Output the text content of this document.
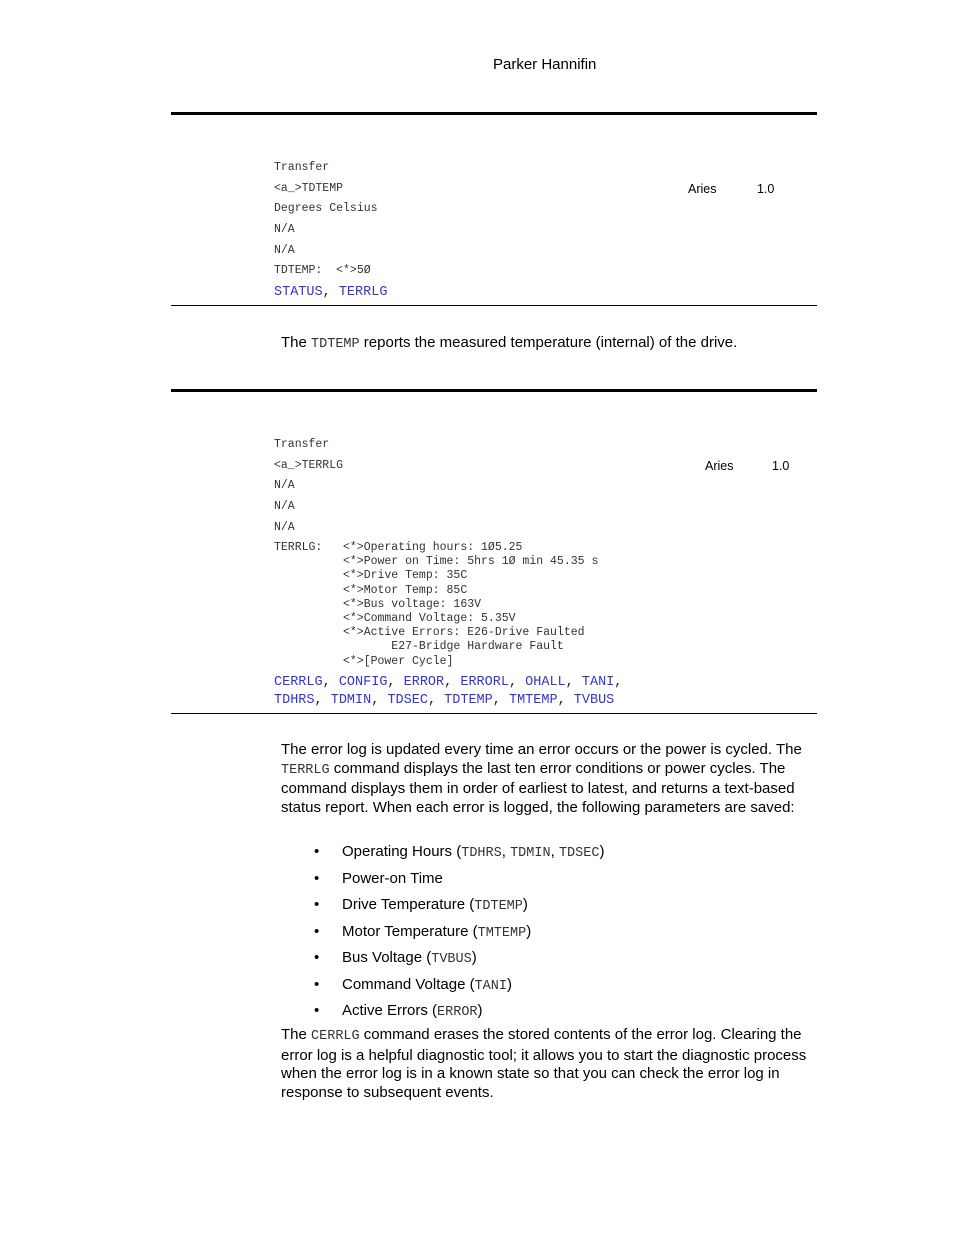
Parker Hannifin
Transfer
<a_>TDTEMP	Aries	1.0
Degrees Celsius
N/A
N/A
TDTEMP:  <*>5Ø
STATUS, TERRLG
The TDTEMP reports the measured temperature (internal) of the drive.
Transfer
<a_>TERRLG	Aries	1.0
N/A
N/A
N/A
TERRLG: <*>Operating hours: 1Ø5.25
<*>Power on Time: 5hrs 1Ø min 45.35 s
<*>Drive Temp: 35C
<*>Motor Temp: 85C
<*>Bus voltage: 163V
<*>Command Voltage: 5.35V
<*>Active Errors: E26-Drive Faulted
E27-Bridge Hardware Fault
<*>[Power Cycle]
CERRLG, CONFIG, ERROR, ERRORL, OHALL, TANI,
TDHRS, TDMIN, TDSEC, TDTEMP, TMTEMP, TVBUS
The error log is updated every time an error occurs or the power is cycled. The TERRLG command displays the last ten error conditions or power cycles. The command displays them in order of earliest to latest, and returns a text-based status report. When each error is logged, the following parameters are saved:
• Operating Hours (TDHRS, TDMIN, TDSEC)
• Power-on Time
• Drive Temperature (TDTEMP)
• Motor Temperature (TMTEMP)
• Bus Voltage (TVBUS)
• Command Voltage (TANI)
• Active Errors (ERROR)
The CERRLG command erases the stored contents of the error log. Clearing the error log is a helpful diagnostic tool; it allows you to start the diagnostic process when the error log is in a known state so that you can check the error log in response to subsequent events.
